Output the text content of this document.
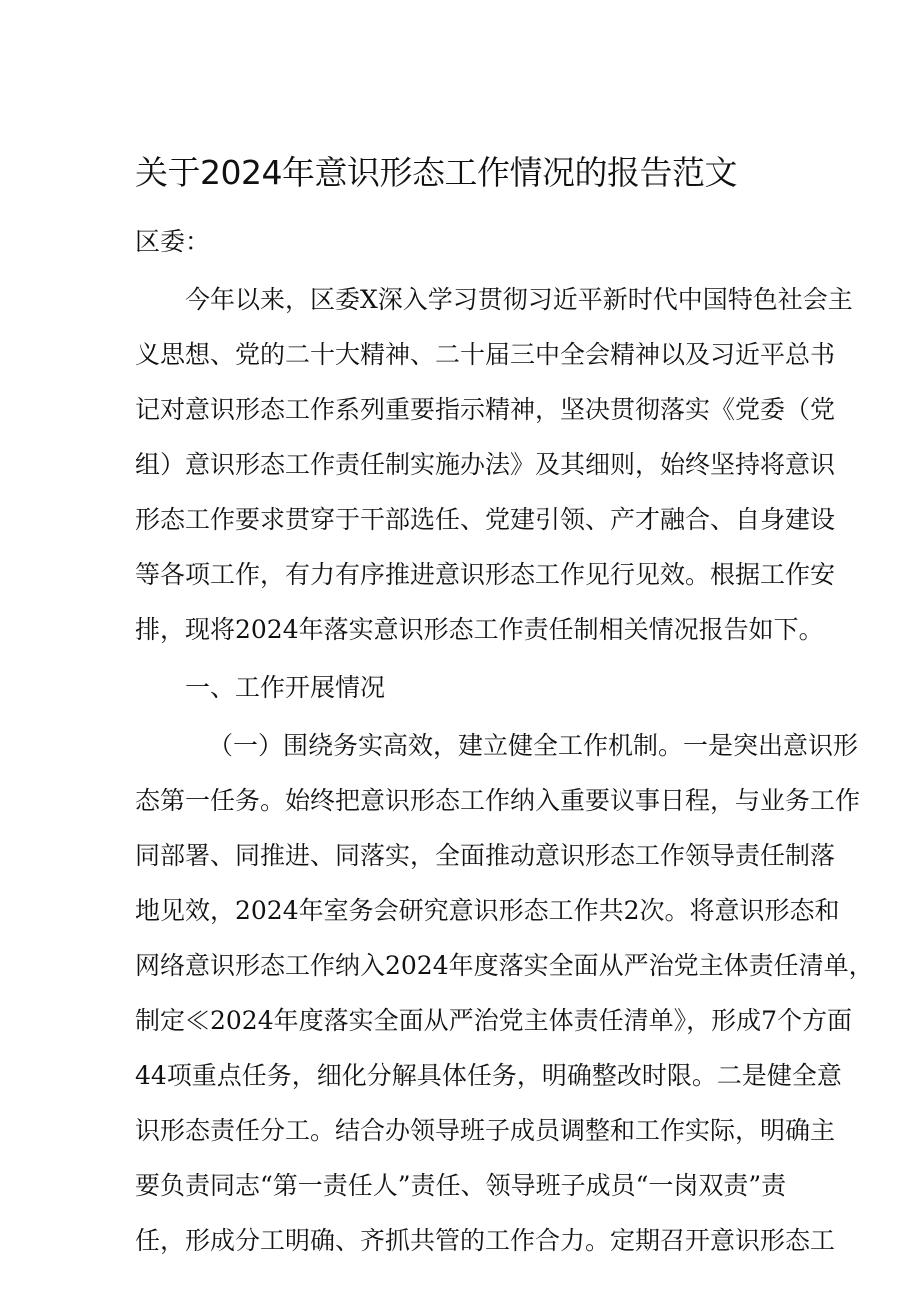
关于2024年意识形态工作情况的报告范文
区委：
今年以来，区委X深入学习贯彻习近平新时代中国特色社会主
义思想、党的二十大精神、二十届三中全会精神以及习近平总书
记对意识形态工作系列重要指示精神，坚决贯彻落实《党委（党
组）意识形态工作责任制实施办法》及其细则，始终坚持将意识
形态工作要求贯穿于干部选任、党建引领、产才融合、自身建设
等各项工作，有力有序推进意识形态工作见行见效。根据工作安
排，现将2024年落实意识形态工作责任制相关情况报告如下。
一、工作开展情况
（一）围绕务实高效，建立健全工作机制。一是突出意识形
态第一任务。始终把意识形态工作纳入重要议事日程，与业务工作
同部署、同推进、同落实，全面推动意识形态工作领导责任制落
地见效，2024年室务会研究意识形态工作共2次。将意识形态和
网络意识形态工作纳入2024年度落实全面从严治党主体责任清单，
制定≪2024年度落实全面从严治党主体责任清单》，形成7个方面
44项重点任务，细化分解具体任务，明确整改时限。二是健全意
识形态责任分工。结合办领导班子成员调整和工作实际，明确主
要负责同志“第一责任人”责任、领导班子成员“一岗双责”责
任，形成分工明确、齐抓共管的工作合力。定期召开意识形态工
